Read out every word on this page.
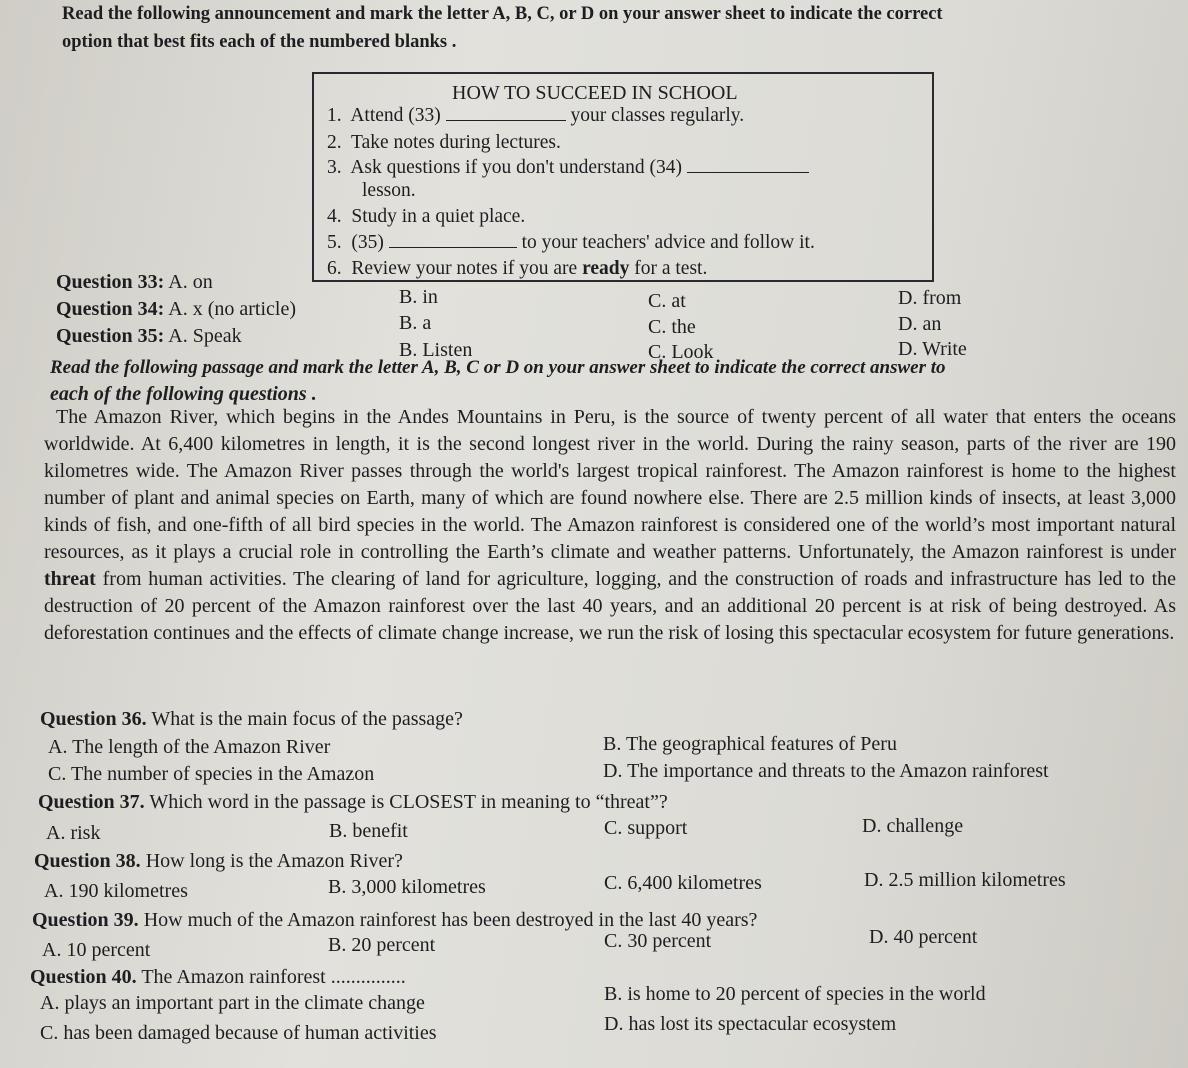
Read the following announcement and mark the letter A, B, C, or D on your answer sheet to indicate the correct
option that best fits each of the numbered blanks .
HOW TO SUCCEED IN SCHOOL
1. Attend (33)	your classes regularly.
2. Take notes during lectures.
3. Ask questions if you don't understand (34)
lesson.
4. Study in a quiet place.
5. (35)	to your teachers' advice and follow it.
6. Review your notes if you are ready for a test.
Question 33: A. on
B. in	C. at	D. from
Question 34: A. x (no article)
B. a	C. the	D. an
Question 35: A. Speak
B. Listen	C. Look	D. Write
Read the following passage and mark the letter A, B, C or D on your answer sheet to indicate the correct answer to
each of the following questions .

The Amazon River, which begins in the Andes Mountains in Peru, is the source of twenty percent of all water that enters the oceans worldwide. At 6,400 kilometres in length, it is the second longest river in the world. During the rainy season, parts of the river are 190 kilometres wide. The Amazon River passes through the world's largest tropical rainforest. The Amazon rainforest is home to the highest number of plant and animal species on Earth, many of which are found nowhere else. There are 2.5 million kinds of insects, at least 3,000 kinds of fish, and one-fifth of all bird species in the world. The Amazon rainforest is considered one of the world’s most important natural resources, as it plays a crucial role in controlling the Earth’s climate and weather patterns. Unfortunately, the Amazon rainforest is under threat from human activities. The clearing of land for agriculture, logging, and the construction of roads and infrastructure has led to the destruction of 20 percent of the Amazon rainforest over the last 40 years, and an additional 20 percent is at risk of being destroyed. As deforestation continues and the effects of climate change increase, we run the risk of losing this spectacular ecosystem for future generations.

Question 36. What is the main focus of the passage?
A. The length of the Amazon River	B. The geographical features of Peru
C. The number of species in the Amazon	D. The importance and threats to the Amazon rainforest
Question 37. Which word in the passage is CLOSEST in meaning to “threat”?
A. risk	B. benefit	C. support	D. challenge
Question 38. How long is the Amazon River?
A. 190 kilometres	B. 3,000 kilometres	C. 6,400 kilometres	D. 2.5 million kilometres
Question 39. How much of the Amazon rainforest has been destroyed in the last 40 years?
A. 10 percent	B. 20 percent	C. 30 percent	D. 40 percent
Question 40. The Amazon rainforest ...............
A. plays an important part in the climate change	B. is home to 20 percent of species in the world
C. has been damaged because of human activities	D. has lost its spectacular ecosystem
